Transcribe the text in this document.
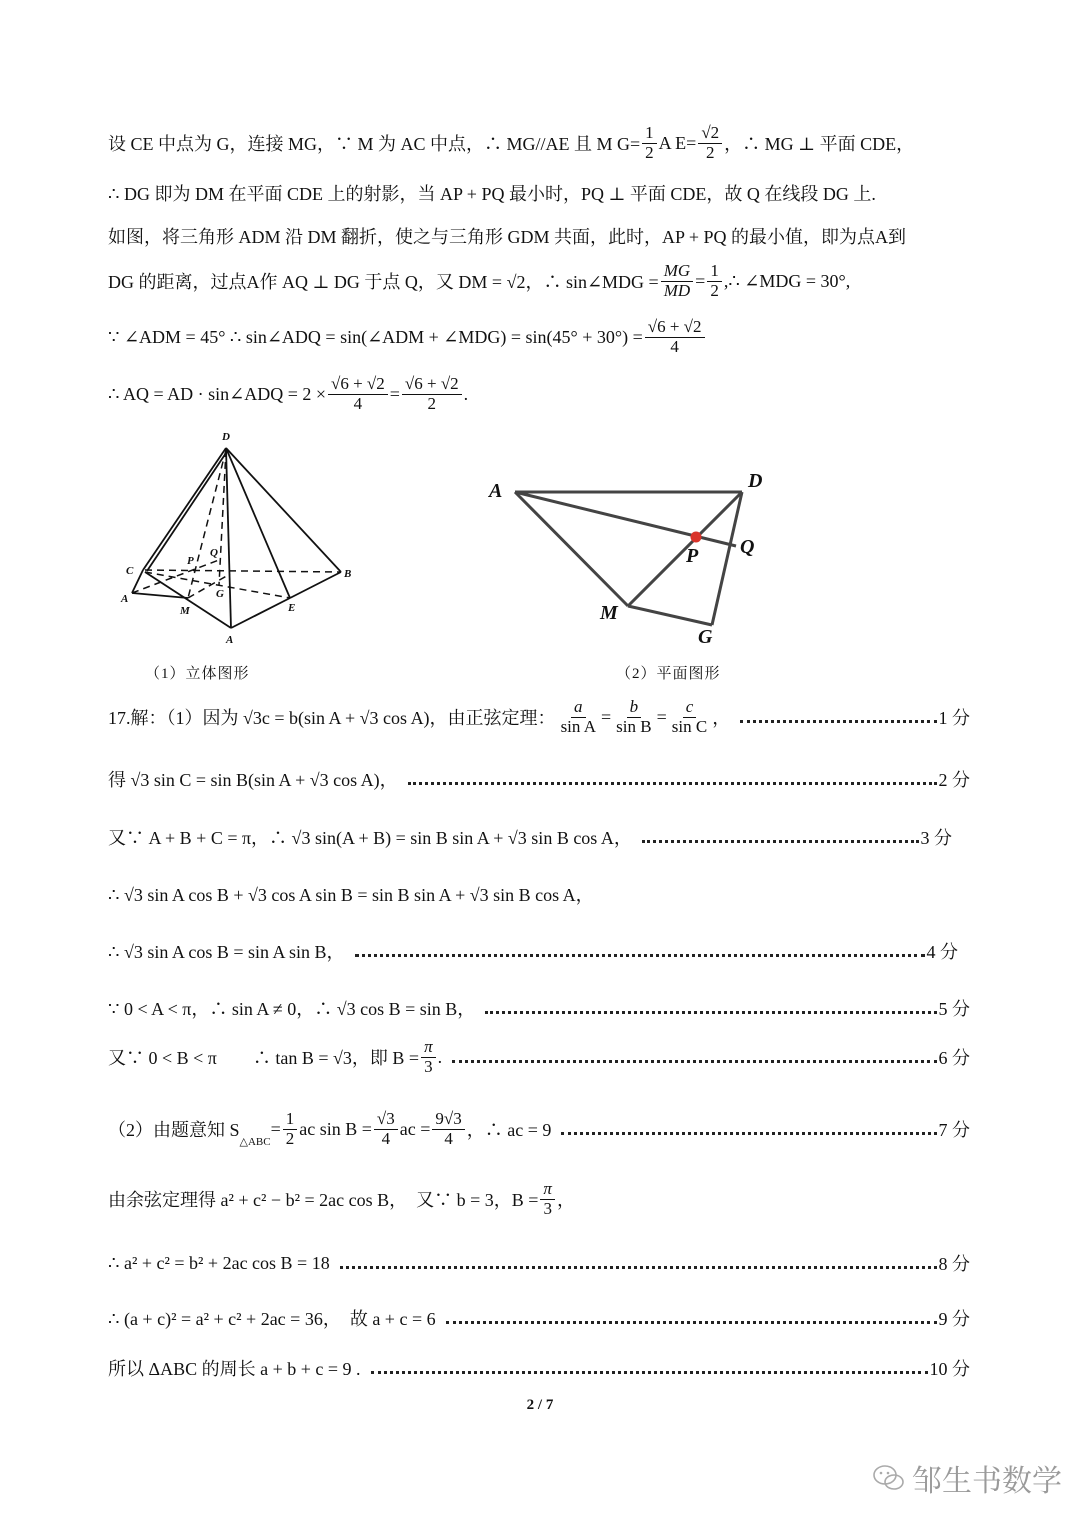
设 CE 中点为 G，连接 MG，∵ M 为 AC 中点，∴ MG//AE 且 M $G= \frac{1}{2}$ A $E= \frac{√2}{2}$ ，∴ MG ⊥ 平面 CDE，
∴ DG 即为 DM 在平面 CDE 上的射影，当 AP + PQ 最小时，PQ ⊥ 平面 CDE，故 Q 在线段 DG 上.
如图，将三角形 ADM 沿 DM 翻折，使之与三角形 GDM 共面，此时，AP + PQ 的最小值，即为点A到
DG 的距离，过点A作 AQ ⊥ DG 于点 Q，又 DM = √2，∴ sin∠MDG = $\frac{MG}{MD} = \frac{1}{2}$ ,∴ ∠MDG = 30°,
∵ ∠ADM = 45° ∴ sin∠ADQ = sin(∠ADM + ∠MDG) = $\sin(45^\circ + 30^\circ) = \frac{√6 + √2}{4}$
∴ AQ = AD · sin∠ADQ = $2 \times \frac{√6 + √2}{4} = \frac{√6 + √2}{2}$ .
D
C
A
M
A
E
B
G
P
Q
A	D
P Q
M
G
（1）立体图形	（2）平面图形
17.解：（1）因为 √3c = b(sin A + √3 cos A)，由正弦定理： $\frac{a}{\text{sin A}} = \frac{b}{\text{sin B}} = \frac{c}{\text{sin C}}$ ，	1 分
得 √3 sin C = sin B(sin A + √3 cos A)，	2 分
又∵ A + B + C = π，∴ √3 sin(A + B) = sin B sin A + √3 sin B cos A，	3 分
∴ √3 sin A cos B + √3 cos A sin B = sin B sin A + √3 sin B cos A，
∴ √3 sin A cos B = sin A sin B，	4 分
∵ 0 < A < π，∴ sin A ≠ 0，∴ √3 cos B = sin B，	5 分
又∵ 0 < B < π　　∴ tan B = √3，即 $B = \frac{\pi}{3}$ .	6 分
（2）由题意知 S
$_{\triangle ABC}$
= $\frac{1}{2}$ ac $\sin B = \frac{√3}{4}$ ac = $\frac{9√3}{4}$ ，∴ ac = 9	7 分
由余弦定理得 a² + c² − b² = 2ac cos B，　又∵ b = 3，$B = \frac{\pi}{3}$ ，
∴ a² + c² = b² + 2ac cos B = 18	8 分
∴ (a + c)² = a² + c² + 2ac = 36，　故 a + c = 6	9 分
所以 ΔABC 的周长 a + b + c = 9 .	10 分
2 / 7
邹生书数学
